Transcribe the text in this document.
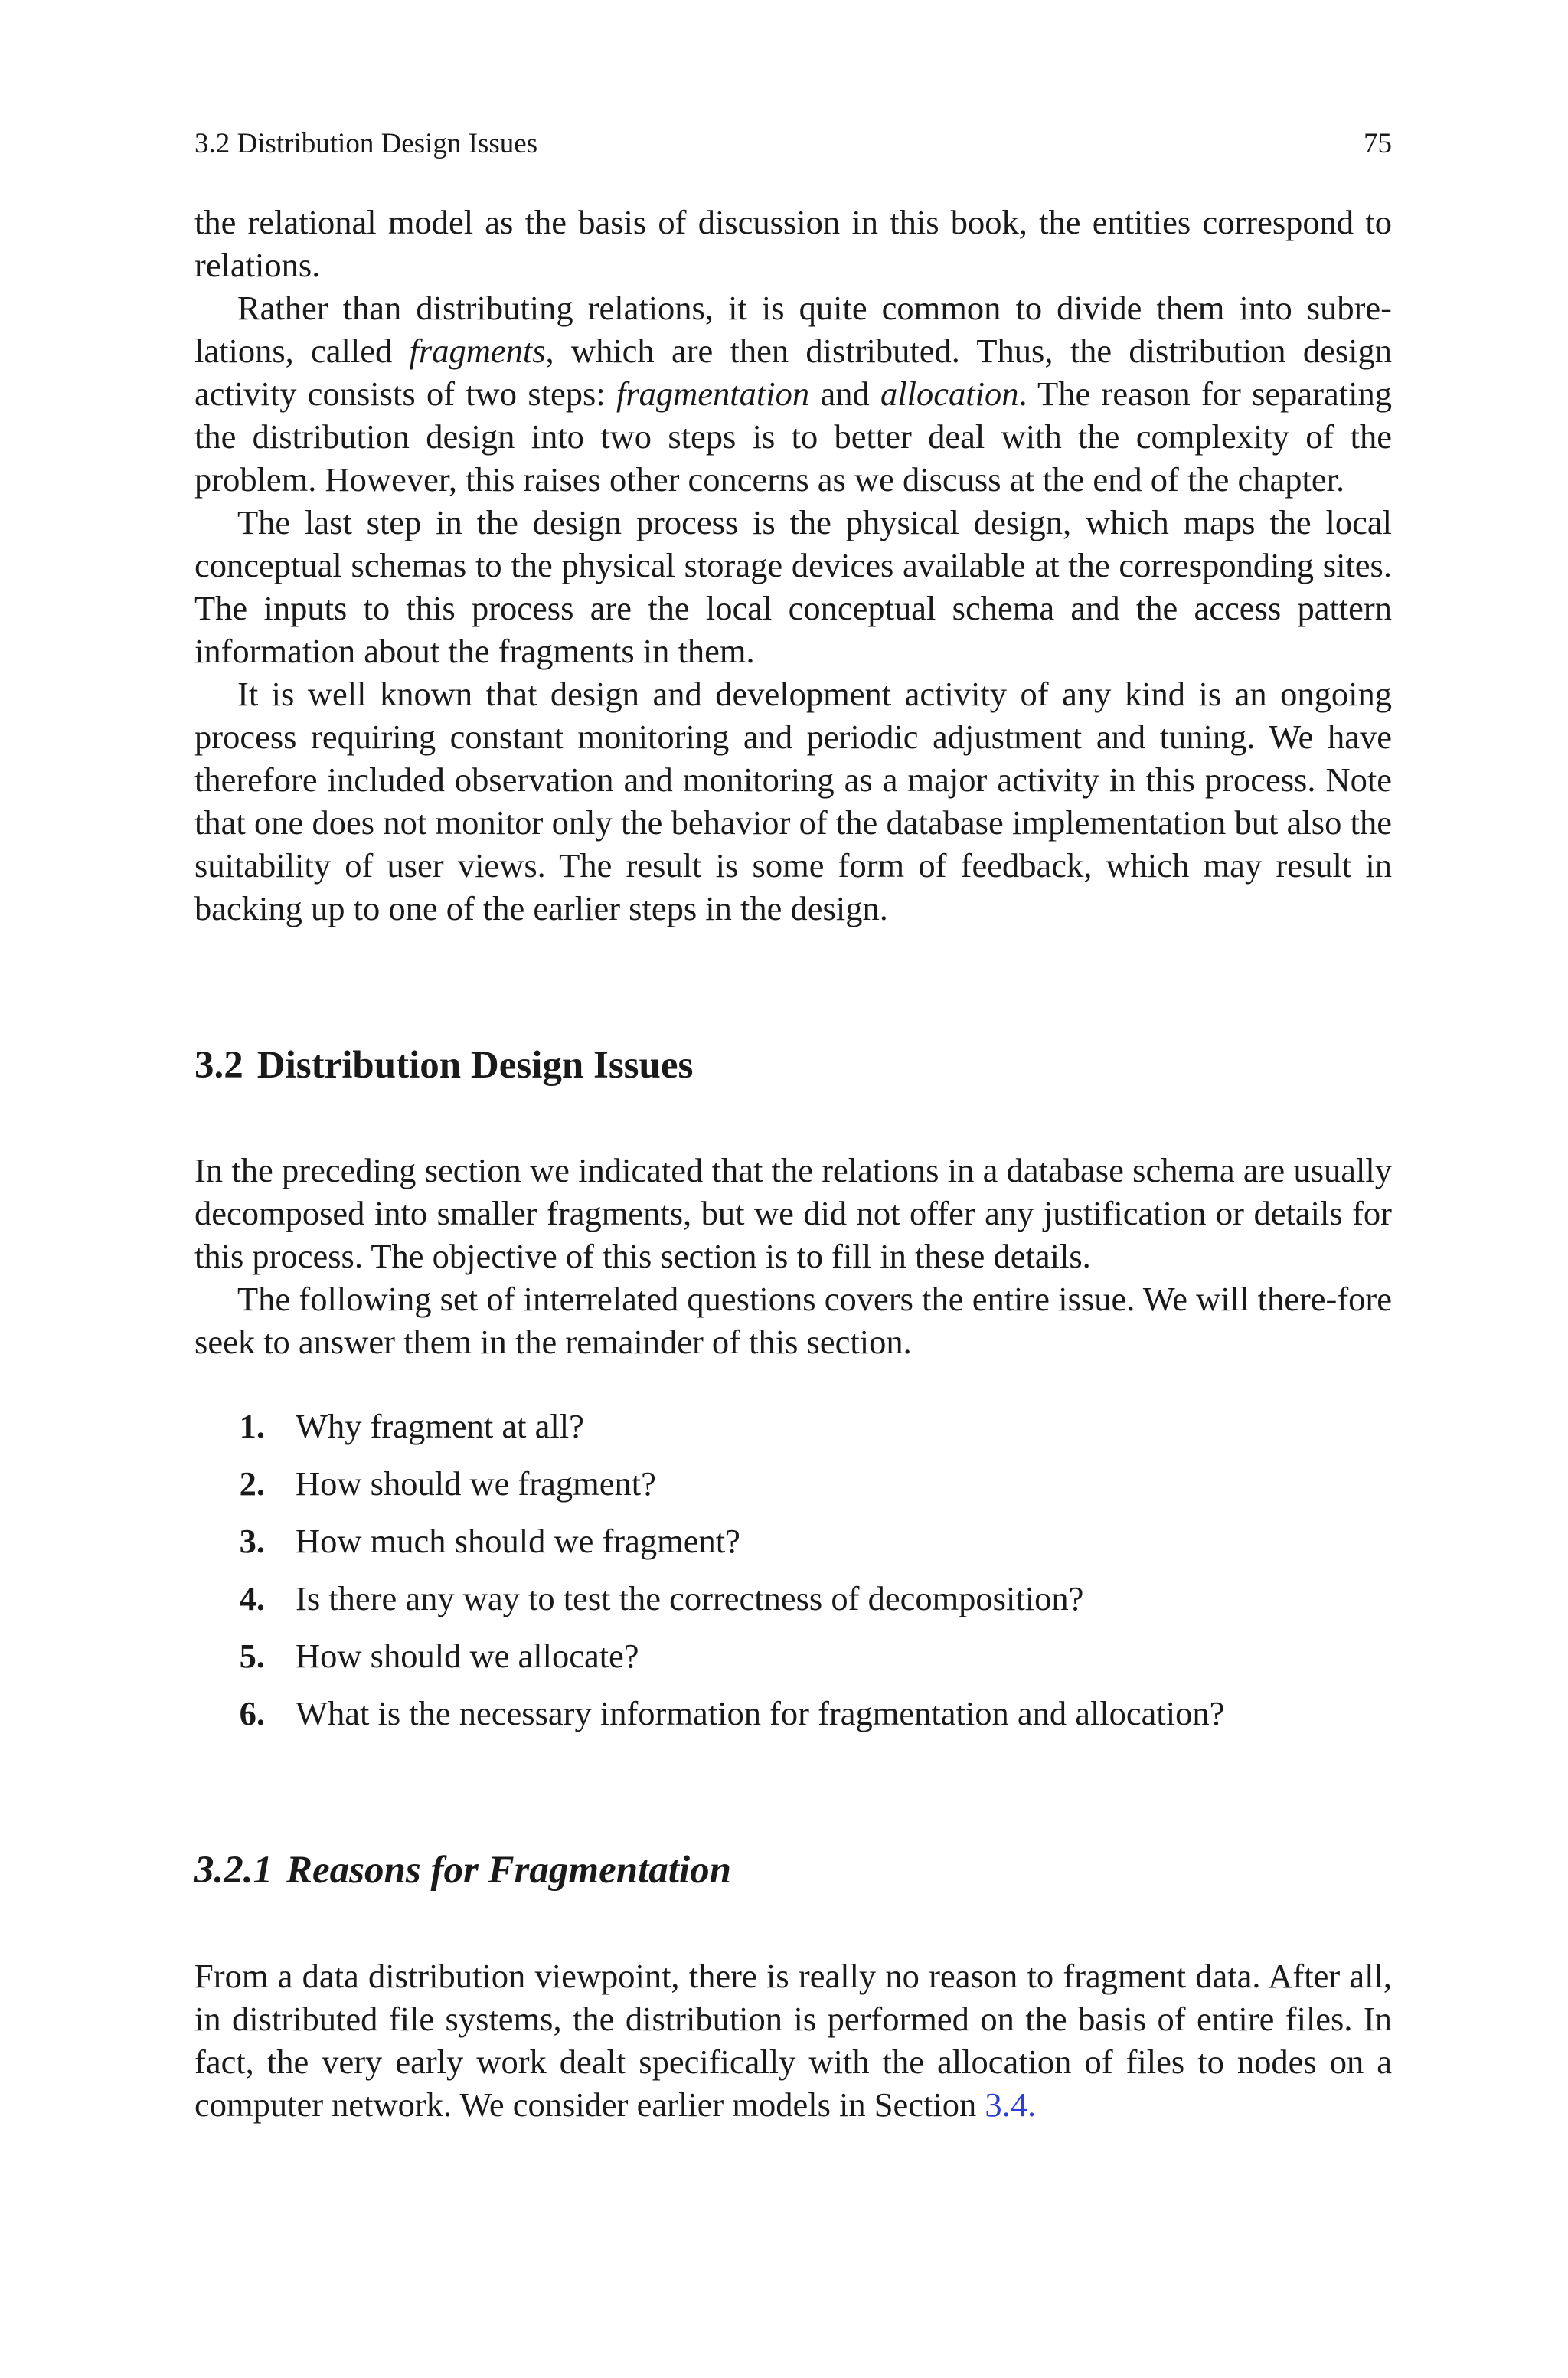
3.2 Distribution Design Issues	75

the relational model as the basis of discussion in this book, the entities correspond to relations.

Rather than distributing relations, it is quite common to divide them into subre-lations, called fragments, which are then distributed. Thus, the distribution design activity consists of two steps: fragmentation and allocation. The reason for separating the distribution design into two steps is to better deal with the complexity of the problem. However, this raises other concerns as we discuss at the end of the chapter.

The last step in the design process is the physical design, which maps the local conceptual schemas to the physical storage devices available at the corresponding sites. The inputs to this process are the local conceptual schema and the access pattern information about the fragments in them.

It is well known that design and development activity of any kind is an ongoing process requiring constant monitoring and periodic adjustment and tuning. We have therefore included observation and monitoring as a major activity in this process. Note that one does not monitor only the behavior of the database implementation but also the suitability of user views. The result is some form of feedback, which may result in backing up to one of the earlier steps in the design.

3.2 Distribution Design Issues

In the preceding section we indicated that the relations in a database schema are usually decomposed into smaller fragments, but we did not offer any justification or details for this process. The objective of this section is to fill in these details.

The following set of interrelated questions covers the entire issue. We will there-fore seek to answer them in the remainder of this section.

1. Why fragment at all?
2. How should we fragment?
3. How much should we fragment?
4. Is there any way to test the correctness of decomposition?
5. How should we allocate?
6. What is the necessary information for fragmentation and allocation?
3.2.1 Reasons for Fragmentation

From a data distribution viewpoint, there is really no reason to fragment data. After all, in distributed file systems, the distribution is performed on the basis of entire files. In fact, the very early work dealt specifically with the allocation of files to nodes on a computer network. We consider earlier models in Section 3.4.
